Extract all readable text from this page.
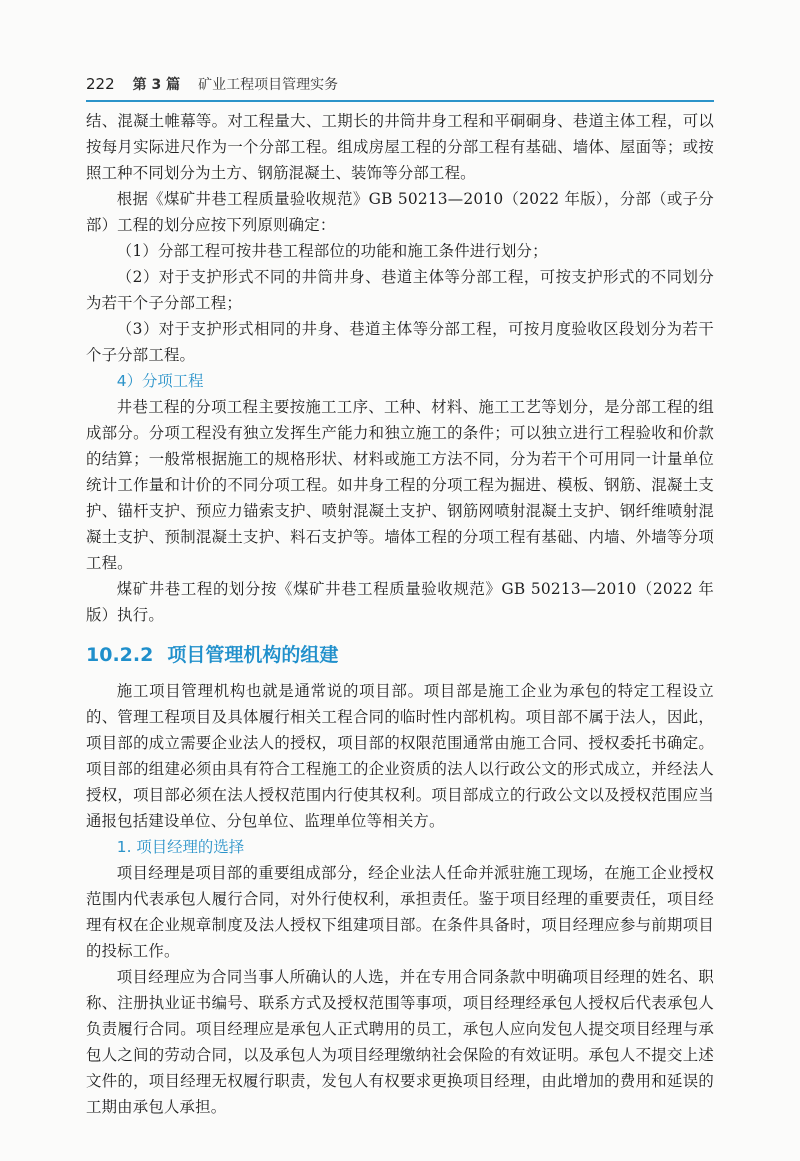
222 第 3 篇 矿业工程项目管理实务

结、混凝土帷幕等。对工程量大、工期长的井筒井身工程和平硐硐身、巷道主体工程，可以按每月实际进尺作为一个分部工程。组成房屋工程的分部工程有基础、墙体、屋面等；或按照工种不同划分为土方、钢筋混凝土、装饰等分部工程。

根据《煤矿井巷工程质量验收规范》GB 50213—2010（2022 年版），分部（或子分部）工程的划分应按下列原则确定：

（1）分部工程可按井巷工程部位的功能和施工条件进行划分；

（2）对于支护形式不同的井筒井身、巷道主体等分部工程，可按支护形式的不同划分为若干个子分部工程；

（3）对于支护形式相同的井身、巷道主体等分部工程，可按月度验收区段划分为若干个子分部工程。

4）分项工程

井巷工程的分项工程主要按施工工序、工种、材料、施工工艺等划分，是分部工程的组成部分。分项工程没有独立发挥生产能力和独立施工的条件；可以独立进行工程验收和价款的结算；一般常根据施工的规格形状、材料或施工方法不同，分为若干个可用同一计量单位统计工作量和计价的不同分项工程。如井身工程的分项工程为掘进、模板、钢筋、混凝土支护、锚杆支护、预应力锚索支护、喷射混凝土支护、钢筋网喷射混凝土支护、钢纤维喷射混凝土支护、预制混凝土支护、料石支护等。墙体工程的分项工程有基础、内墙、外墙等分项工程。

煤矿井巷工程的划分按《煤矿井巷工程质量验收规范》GB 50213—2010（2022 年版）执行。

10.2.2 项目管理机构的组建

施工项目管理机构也就是通常说的项目部。项目部是施工企业为承包的特定工程设立的、管理工程项目及具体履行相关工程合同的临时性内部机构。项目部不属于法人，因此，项目部的成立需要企业法人的授权，项目部的权限范围通常由施工合同、授权委托书确定。项目部的组建必须由具有符合工程施工的企业资质的法人以行政公文的形式成立，并经法人授权，项目部必须在法人授权范围内行使其权利。项目部成立的行政公文以及授权范围应当通报包括建设单位、分包单位、监理单位等相关方。

1. 项目经理的选择

项目经理是项目部的重要组成部分，经企业法人任命并派驻施工现场，在施工企业授权范围内代表承包人履行合同，对外行使权利，承担责任。鉴于项目经理的重要责任，项目经理有权在企业规章制度及法人授权下组建项目部。在条件具备时，项目经理应参与前期项目的投标工作。

项目经理应为合同当事人所确认的人选，并在专用合同条款中明确项目经理的姓名、职称、注册执业证书编号、联系方式及授权范围等事项，项目经理经承包人授权后代表承包人负责履行合同。项目经理应是承包人正式聘用的员工，承包人应向发包人提交项目经理与承包人之间的劳动合同，以及承包人为项目经理缴纳社会保险的有效证明。承包人不提交上述文件的，项目经理无权履行职责，发包人有权要求更换项目经理，由此增加的费用和延误的工期由承包人承担。
